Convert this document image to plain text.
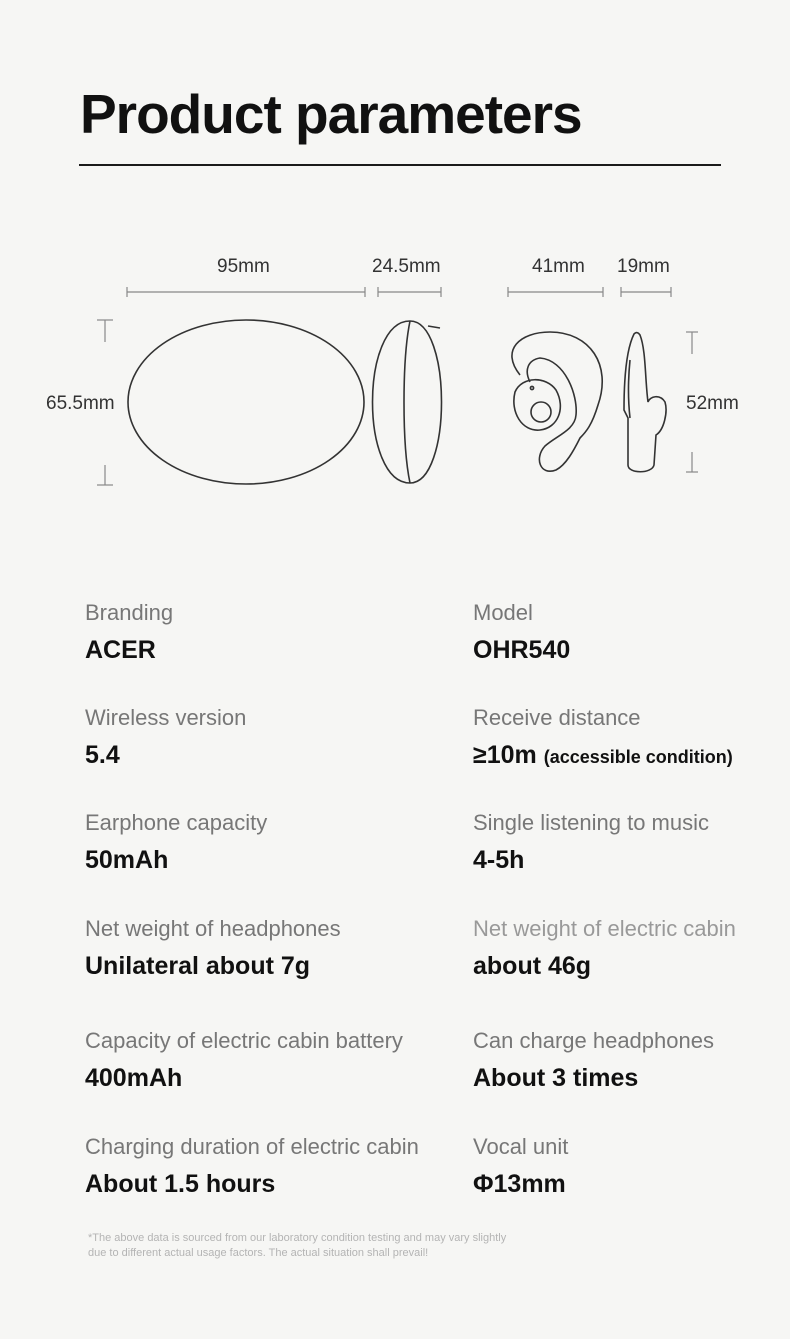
Product parameters
95mm	24.5mm
65.5mm
41mm 19mm
52mm
Branding
ACER
Model
OHR540
Wireless version
5.4
Receive distance
≥10m (accessible condition)
Earphone capacity
50mAh
Single listening to music
4-5h
Net weight of headphones
Unilateral about 7g
Net weight of electric cabin
about 46g
Capacity of electric cabin battery
400mAh
Can charge headphones
About 3 times
Charging duration of electric cabin
About 1.5 hours
Vocal unit
Φ13mm
*The above data is sourced from our laboratory condition testing and may vary slightly
due to different actual usage factors. The actual situation shall prevail!
